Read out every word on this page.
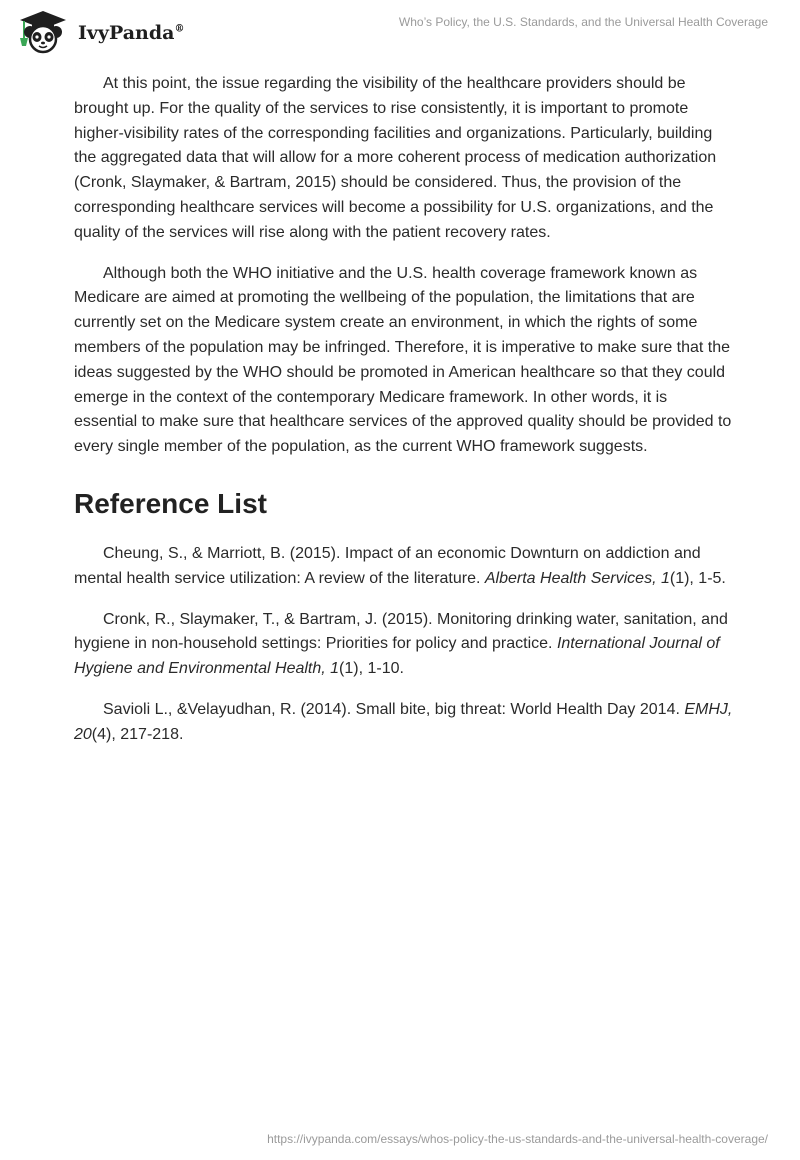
IvyPanda®
Who’s Policy, the U.S. Standards, and the Universal Health Coverage

At this point, the issue regarding the visibility of the healthcare providers should be brought up. For the quality of the services to rise consistently, it is important to promote higher-visibility rates of the corresponding facilities and organizations. Particularly, building the aggregated data that will allow for a more coherent process of medication authorization (Cronk, Slaymaker, & Bartram, 2015) should be considered. Thus, the provision of the corresponding healthcare services will become a possibility for U.S. organizations, and the quality of the services will rise along with the patient recovery rates.

Although both the WHO initiative and the U.S. health coverage framework known as Medicare are aimed at promoting the wellbeing of the population, the limitations that are currently set on the Medicare system create an environment, in which the rights of some members of the population may be infringed. Therefore, it is imperative to make sure that the ideas suggested by the WHO should be promoted in American healthcare so that they could emerge in the context of the contemporary Medicare framework. In other words, it is essential to make sure that healthcare services of the approved quality should be provided to every single member of the population, as the current WHO framework suggests.

Reference List

Cheung, S., & Marriott, B. (2015). Impact of an economic Downturn on addiction and mental health service utilization: A review of the literature. Alberta Health Services, 1(1), 1-5.

Cronk, R., Slaymaker, T., & Bartram, J. (2015). Monitoring drinking water, sanitation, and hygiene in non-household settings: Priorities for policy and practice. International Journal of Hygiene and Environmental Health, 1(1), 1-10.

Savioli L., &Velayudhan, R. (2014). Small bite, big threat: World Health Day 2014. EMHJ, 20(4), 217-218.

https://ivypanda.com/essays/whos-policy-the-us-standards-and-the-universal-health-coverage/
